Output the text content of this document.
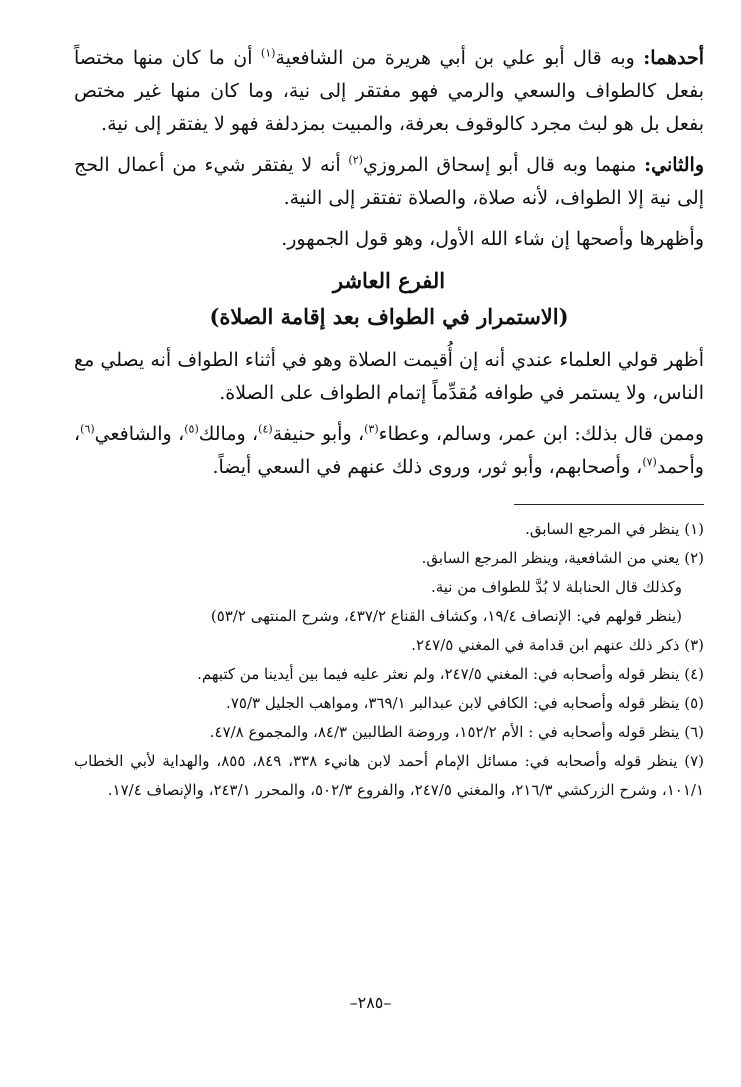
أحدهما: وبه قال أبو علي بن أبي هريرة من الشافعية$^{(١)}$ أن ما كان منها مختصاً بفعل كالطواف والسعي والرمي فهو مفتقر إلى نية، وما كان منها غير مختص بفعل بل هو لبث مجرد كالوقوف بعرفة، والمبيت بمزدلفة فهو لا يفتقر إلى نية.

والثاني: منهما وبه قال أبو إسحاق المروزي$^{(٢)}$ أنه لا يفتقر شيء من أعمال الحج إلى نية إلا الطواف، لأنه صلاة، والصلاة تفتقر إلى النية.

وأظهرها وأصحها إن شاء الله الأول، وهو قول الجمهور.

الفرع العاشر
(الاستمرار في الطواف بعد إقامة الصلاة)

أظهر قولي العلماء عندي أنه إن أُقيمت الصلاة وهو في أثناء الطواف أنه يصلي مع الناس، ولا يستمر في طوافه مُقدِّماً إتمام الطواف على الصلاة.

وممن قال بذلك: ابن عمر، وسالم، وعطاء$^{(٣)}$، وأبو حنيفة$^{(٤)}$، ومالك$^{(٥)}$، والشافعي$^{(٦)}$، وأحمد$^{(٧)}$، وأصحابهم، وأبو ثور، وروى ذلك عنهم في السعي أيضاً.

(١) ينظر في المرجع السابق.

(٢) يعني من الشافعية، وينظر المرجع السابق.

وكذلك قال الحنابلة لا بُدَّ للطواف من نية.

(ينظر قولهم في: الإنصاف ١٩/٤، وكشاف القناع ٤٣٧/٢، وشرح المنتهى ٥٣/٢)

(٣) ذكر ذلك عنهم ابن قدامة في المغني ٢٤٧/٥.

(٤) ينظر قوله وأصحابه في: المغني ٢٤٧/٥، ولم نعثر عليه فيما بين أيدينا من كتبهم.

(٥) ينظر قوله وأصحابه في: الكافي لابن عبدالبر ٣٦٩/١، ومواهب الجليل ٧٥/٣.

(٦) ينظر قوله وأصحابه في : الأم ١٥٢/٢، وروضة الطالبين ٨٤/٣، والمجموع ٤٧/٨.

(٧) ينظر قوله وأصحابه في: مسائل الإمام أحمد لابن هانيء ٣٣٨، ٨٤٩، ٨٥٥، والهداية لأبي الخطاب ١٠١/١، وشرح الزركشي ٢١٦/٣، والمغني ٢٤٧/٥، والفروع ٥٠٢/٣، والمحرر ٢٤٣/١، والإنصاف ١٧/٤.

–٢٨٥–
